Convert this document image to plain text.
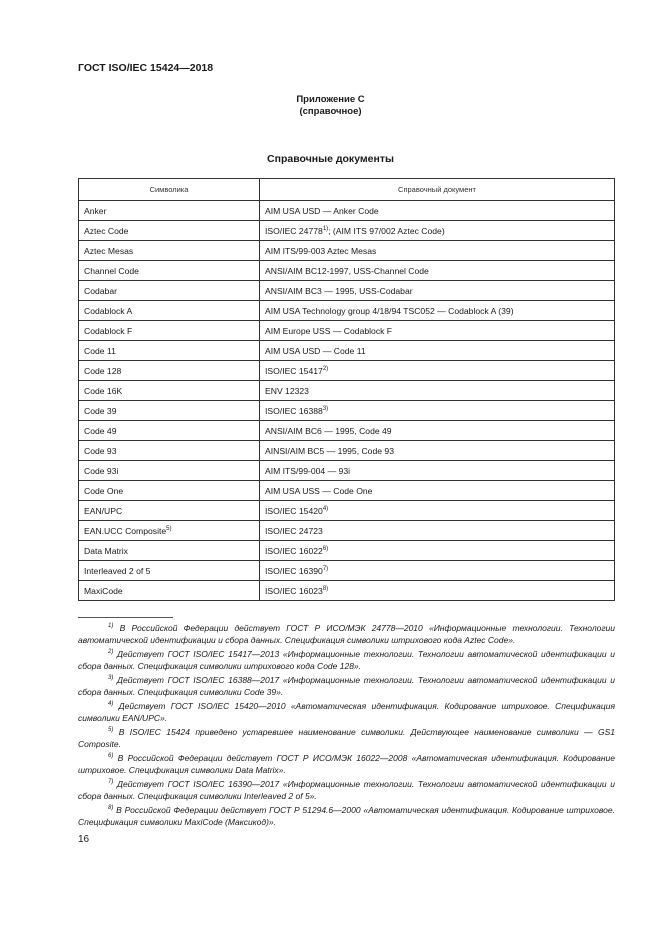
ГОСТ ISO/IEC 15424—2018
Приложение С
(справочное)
Справочные документы
Символика	Справочный документ
Anker	AIM USA USD — Anker Code
Aztec Code	ISO/IEC 24778$^{1)}$; (AIM ITS 97/002 Aztec Code)
Aztec Mesas	AIM ITS/99-003 Aztec Mesas
Channel Code	ANSI/AIM BC12-1997, USS-Channel Code
Codabar	ANSI/AIM BC3 — 1995, USS-Codabar
Codablock A	AIM USA Technology group 4/18/94 TSC052 — Codablock A (39)
Codablock F	AIM Europe USS — Codablock F
Code 11	AIM USA USD — Code 11
Code 128	ISO/IEC 15417$^{2)}$
Code 16K	ENV 12323
Code 39	ISO/IEC 16388$^{3)}$
Code 49	ANSI/AIM BC6 — 1995, Code 49
Code 93	AINSI/AIM BC5 — 1995, Code 93
Code 93i	AIM ITS/99-004 — 93i
Code One	AIM USA USS — Code One
EAN/UPC	ISO/IEC 15420$^{4)}$
EAN.UCC Composite$^{5)}$	ISO/IEC 24723
Data Matrix	ISO/IEC 16022$^{6)}$
Interleaved 2 of 5	ISO/IEC 16390$^{7)}$
MaxiCode	ISO/IEC 16023$^{8)}$

$^{1)}$ В Российской Федерации действует ГОСТ Р ИСО/МЭК 24778—2010 «Информационные технологии. Технологии автоматической идентификации и сбора данных. Спецификация символики штрихового кода Aztec Code».

$^{2)}$ Действует ГОСТ ISO/IEC 15417—2013 «Информационные технологии. Технологии автоматической идентификации и сбора данных. Спецификация символики штрихового кода Code 128».

$^{3)}$ Действует ГОСТ ISO/IEC 16388—2017 «Информационные технологии. Технологии автоматической идентификации и сбора данных. Спецификация символики Code 39».

$^{4)}$ Действует ГОСТ ISO/IEC 15420—2010 «Автоматическая идентификация. Кодирование штриховое. Спецификация символики EAN/UPC».

$^{5)}$ В ISO/IEC 15424 приведено устаревшее наименование символики. Действующее наименование символики — GS1 Composite.

$^{6)}$ В Российской Федерации действует ГОСТ Р ИСО/МЭК 16022—2008 «Автоматическая идентификация. Кодирование штриховое. Спецификация символики Data Matrix».

$^{7)}$ Действует ГОСТ ISO/IEC 16390—2017 «Информационные технологии. Технологии автоматической идентификации и сбора данных. Спецификация символики Interleaved 2 of 5».

$^{8)}$ В Российской Федерации действует ГОСТ Р 51294.6—2000 «Автоматическая идентификация. Кодирование штриховое. Спецификация символики MaxiCode (Максикод)».

16
